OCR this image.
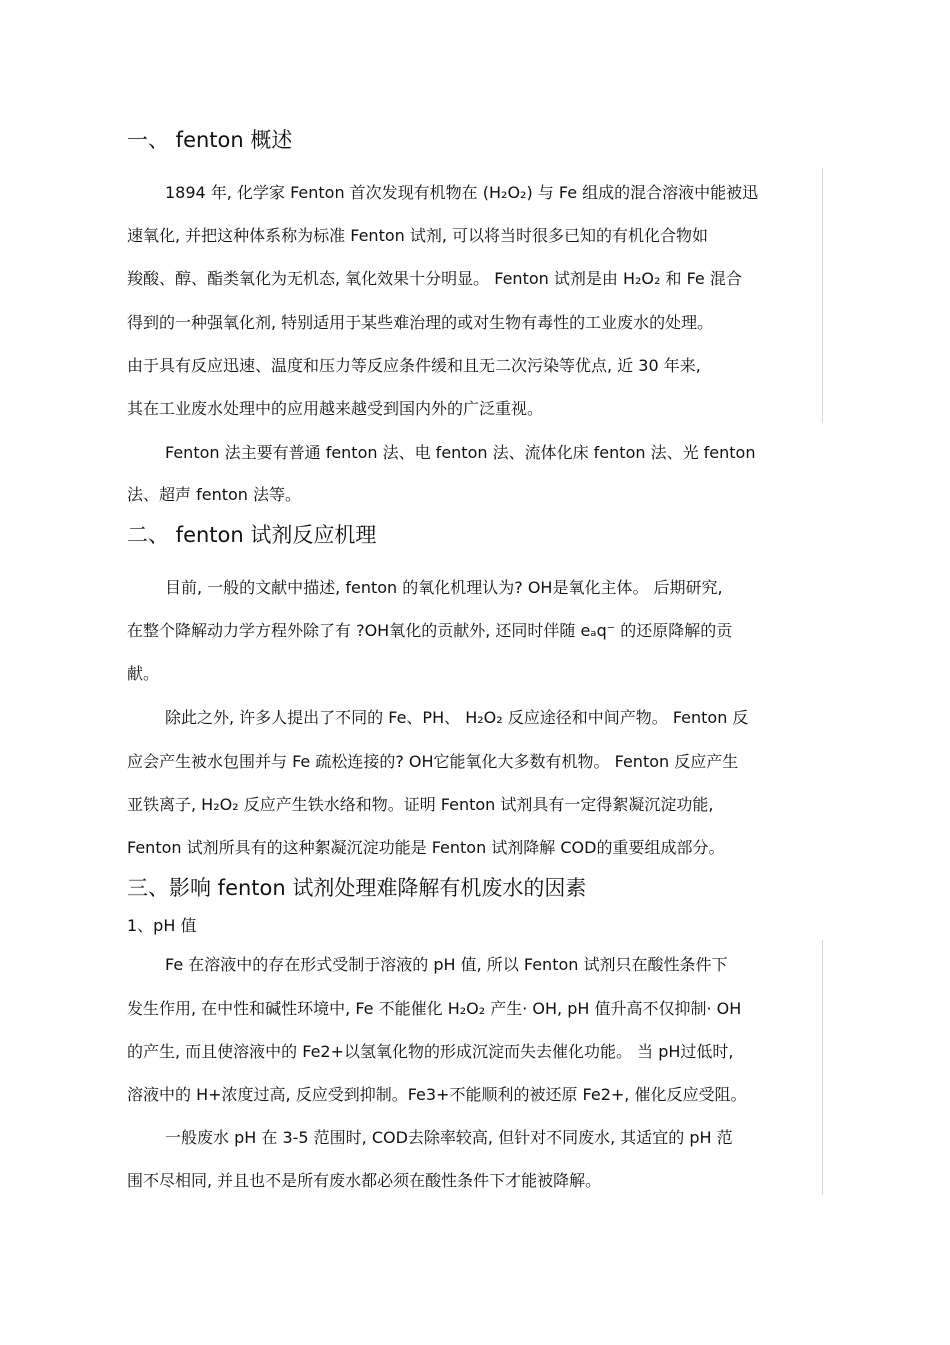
一、 fenton 概述
1894 年, 化学家 Fenton 首次发现有机物在 (H₂O₂) 与 Fe 组成的混合溶液中能被迅
速氧化, 并把这种体系称为标准 Fenton 试剂, 可以将当时很多已知的有机化合物如
羧酸、醇、酯类氧化为无机态, 氧化效果十分明显。 Fenton 试剂是由 H₂O₂ 和 Fe 混合
得到的一种强氧化剂, 特别适用于某些难治理的或对生物有毒性的工业废水的处理。
由于具有反应迅速、温度和压力等反应条件缓和且无二次污染等优点, 近 30 年来,
其在工业废水处理中的应用越来越受到国内外的广泛重视。
Fenton 法主要有普通 fenton 法、电 fenton 法、流体化床 fenton 法、光 fenton
法、超声 fenton 法等。
二、 fenton 试剂反应机理
目前, 一般的文献中描述, fenton 的氧化机理认为? OH是氧化主体。 后期研究,
在整个降解动力学方程外除了有 ?OH氧化的贡献外, 还同时伴随 eₐq⁻ 的还原降解的贡
献。
除此之外, 许多人提出了不同的 Fe、PH、 H₂O₂ 反应途径和中间产物。 Fenton 反
应会产生被水包围并与 Fe 疏松连接的? OH它能氧化大多数有机物。 Fenton 反应产生
亚铁离子, H₂O₂ 反应产生铁水络和物。证明 Fenton 试剂具有一定得絮凝沉淀功能,
Fenton 试剂所具有的这种絮凝沉淀功能是 Fenton 试剂降解 COD的重要组成部分。
三、影响 fenton 试剂处理难降解有机废水的因素
1、pH 值
Fe 在溶液中的存在形式受制于溶液的 pH 值, 所以 Fenton 试剂只在酸性条件下
发生作用, 在中性和碱性环境中, Fe 不能催化 H₂O₂ 产生· OH, pH 值升高不仅抑制· OH
的产生, 而且使溶液中的 Fe2+以氢氧化物的形成沉淀而失去催化功能。 当 pH过低时,
溶液中的 H+浓度过高, 反应受到抑制。Fe3+不能顺利的被还原 Fe2+, 催化反应受阻。
一般废水 pH 在 3-5 范围时, COD去除率较高, 但针对不同废水, 其适宜的 pH 范
围不尽相同, 并且也不是所有废水都必须在酸性条件下才能被降解。
